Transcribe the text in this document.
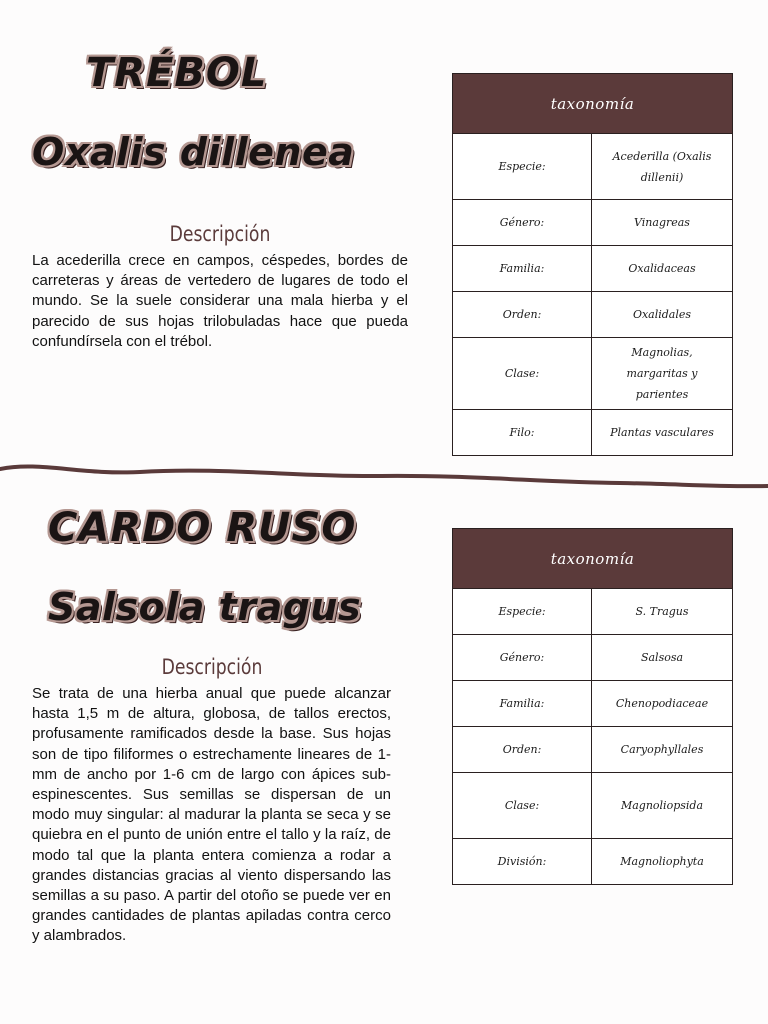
TRÉBOL
Oxalis dillenea
Descripción

La acederilla crece en campos, céspedes, bordes de carreteras y áreas de vertedero de lugares de todo el mundo. Se la suele considerar una mala hierba y el parecido de sus hojas trilobuladas hace que pueda confundírsela con el trébol.

taxonomía	
Especie:	Acederilla (Oxalis dillenii)
Género:	Vinagreas
Familia:	Oxalidaceas
Orden:	Oxalidales
Clase:	Magnolias, margaritas y parientes
Filo:	Plantas vasculares
CARDO RUSO
Salsola tragus
Descripción

Se trata de una hierba anual que puede alcanzar hasta 1,5 m de altura, globosa, de tallos erectos, profusamente ramificados desde la base. Sus hojas son de tipo filiformes o estrechamente lineares de 1- mm de ancho por 1-6 cm de largo con ápices sub-espinescentes. Sus semillas se dispersan de un modo muy singular: al madurar la planta se seca y se quiebra en el punto de unión entre el tallo y la raíz, de modo tal que la planta entera comienza a rodar a grandes distancias gracias al viento dispersando las semillas a su paso. A partir del otoño se puede ver en grandes cantidades de plantas apiladas contra cerco y alambrados.

taxonomía	
Especie:	S. Tragus
Género:	Salsosa
Familia:	Chenopodiaceae
Orden:	Caryophyllales
Clase:	Magnoliopsida
División:	Magnoliophyta
